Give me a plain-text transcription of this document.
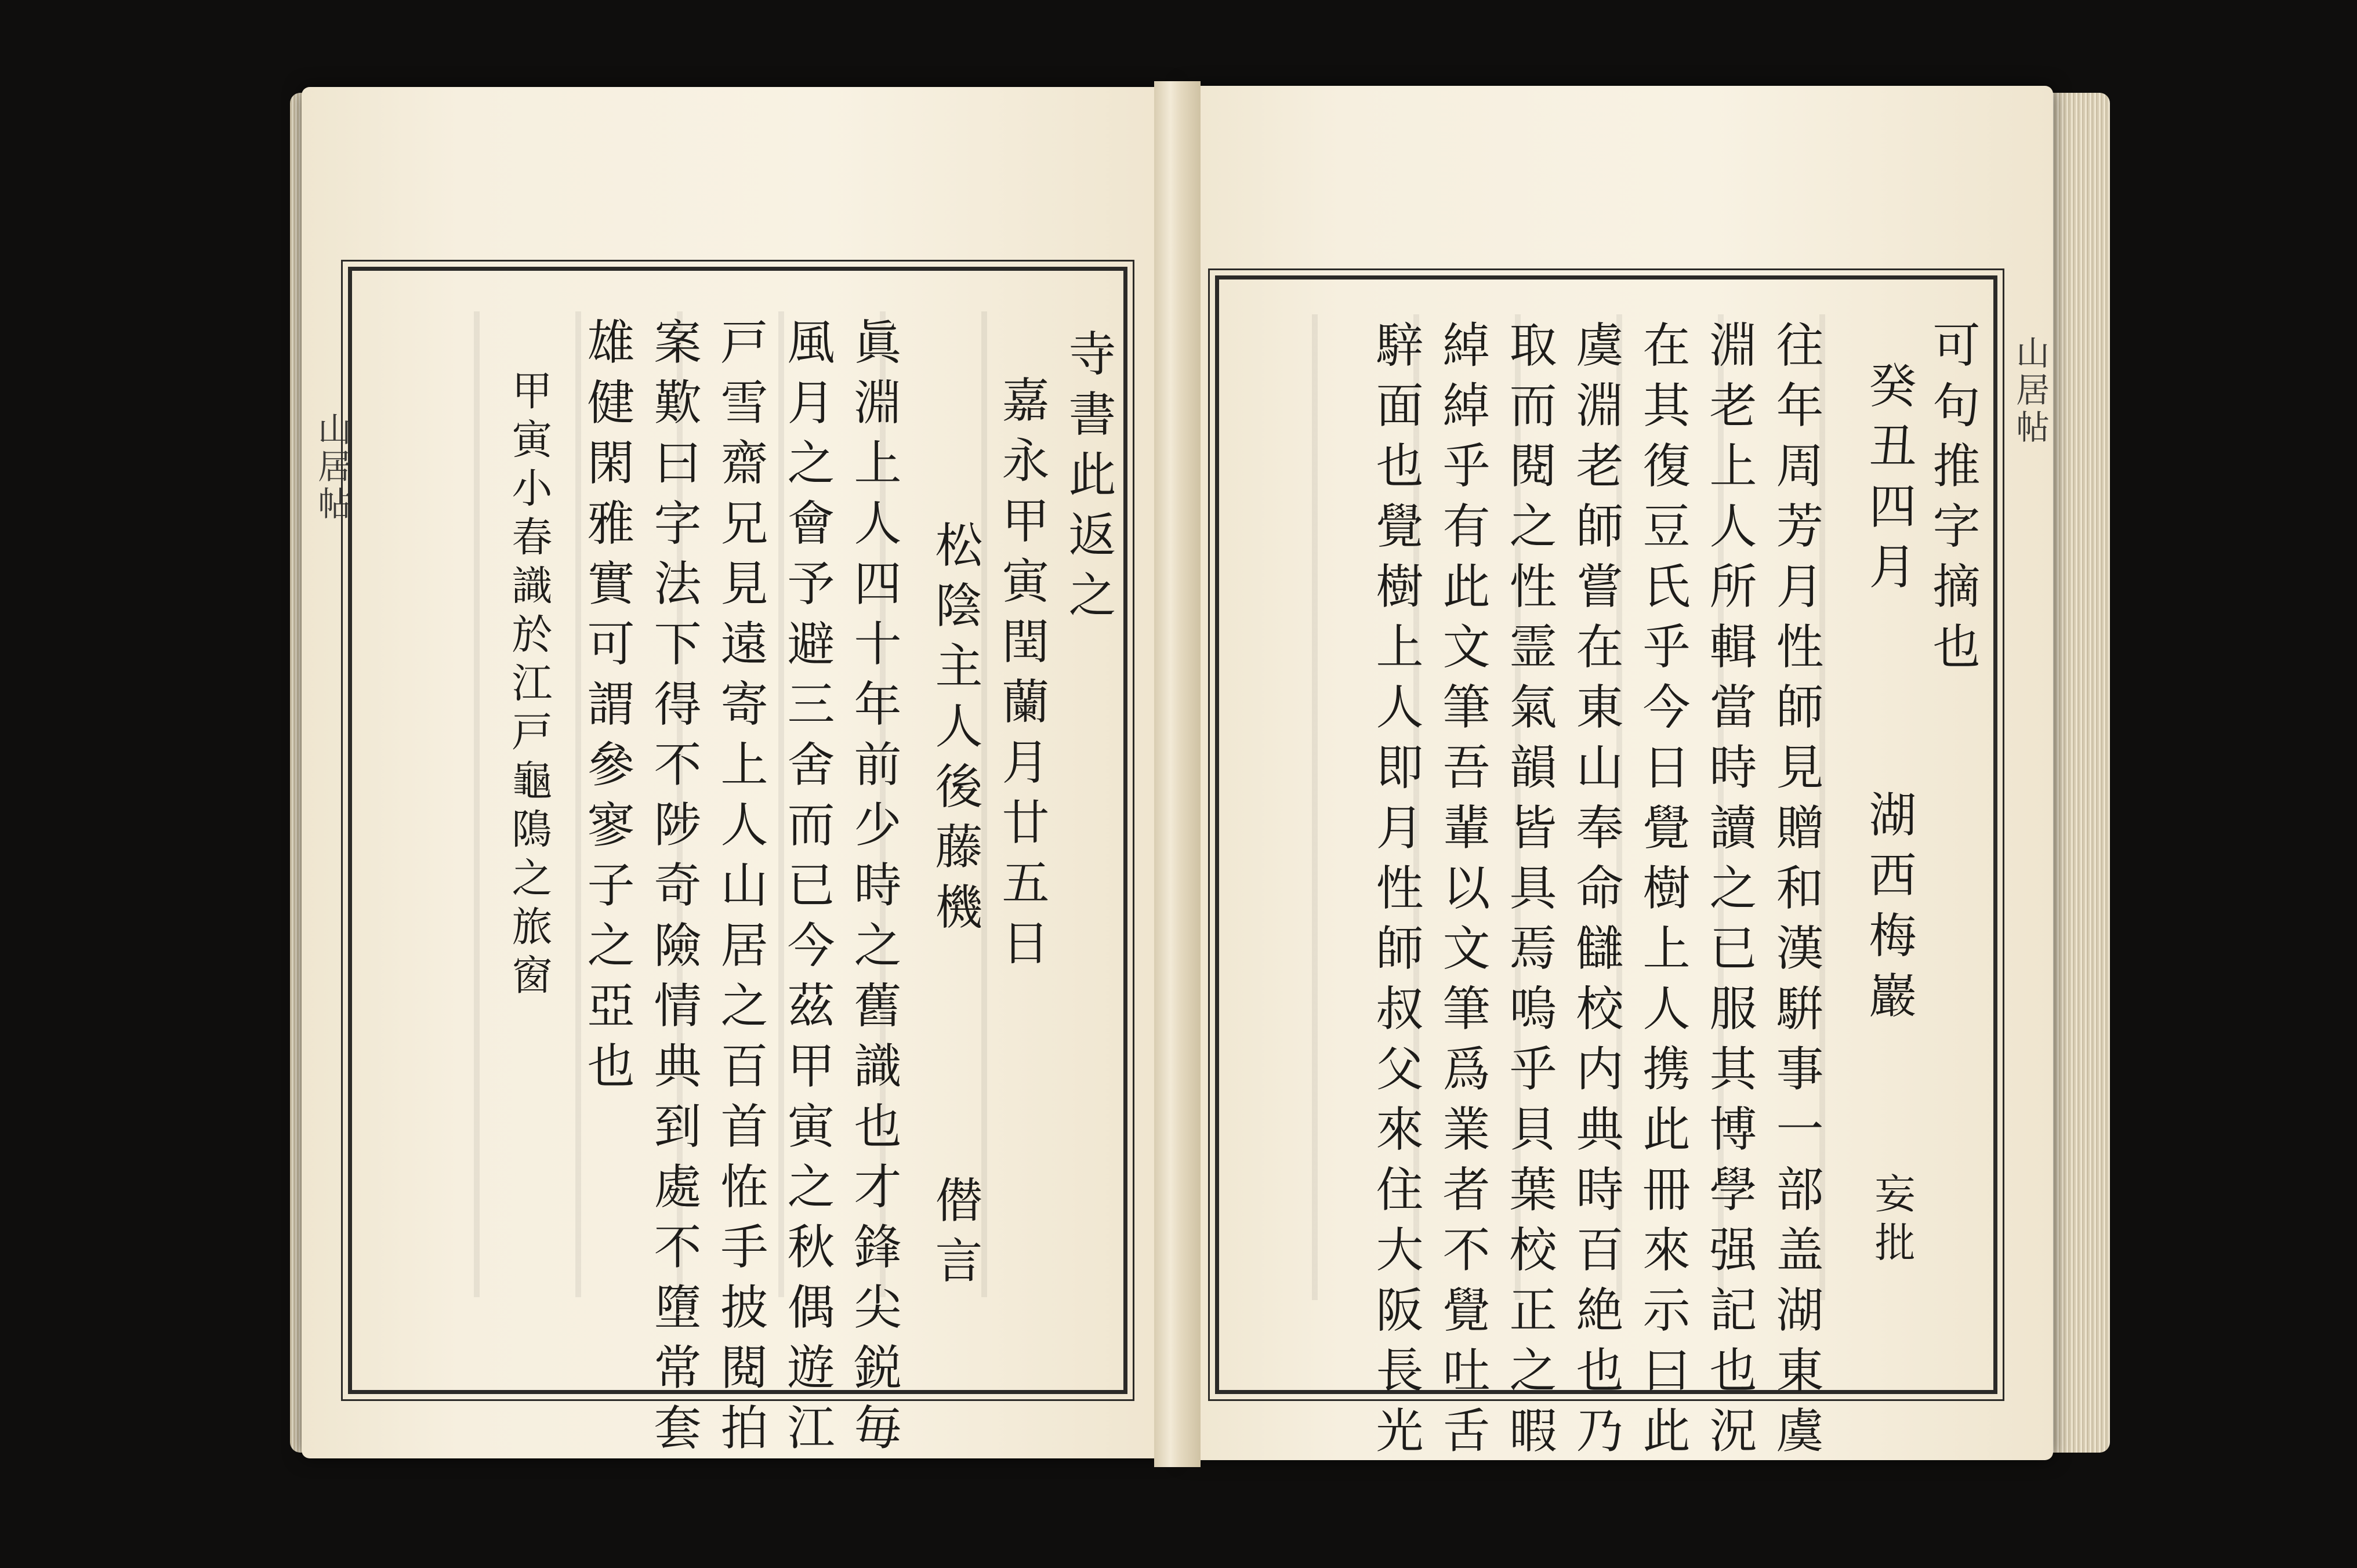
山居帖
山居帖
寺書此返之
嘉永甲寅閏蘭月廿五日
松陰主人後藤機
僣言
眞淵上人四十年前少時之舊識也才鋒尖鋭毎
風月之會予避三舍而已今茲甲寅之秋偶遊江
戸雪齋兄見遠寄上人山居之百首恠手披閱拍
案歎曰字法下得不陟奇險情典到處不墮常套
雄健閑雅實可謂參寥子之亞也
甲寅小春識於江戸龜隝之旅窗	可句推字摘也
癸丑四月
湖西梅巖
妄批
往年周芳月性師見贈和漢騈事一部盖湖東虞
淵老上人所輯當時讀之已服其博學强記也況
在其復豆氏乎今日覺樹上人携此冊來示曰此
虞淵老師嘗在東山奉命讎校内典時百絶也乃
取而閱之性霊氣韻皆具焉嗚乎貝葉校正之暇
綽綽乎有此文筆吾輩以文筆爲業者不覺吐舌
騂面也覺樹上人即月性師叔父來住大阪長光
